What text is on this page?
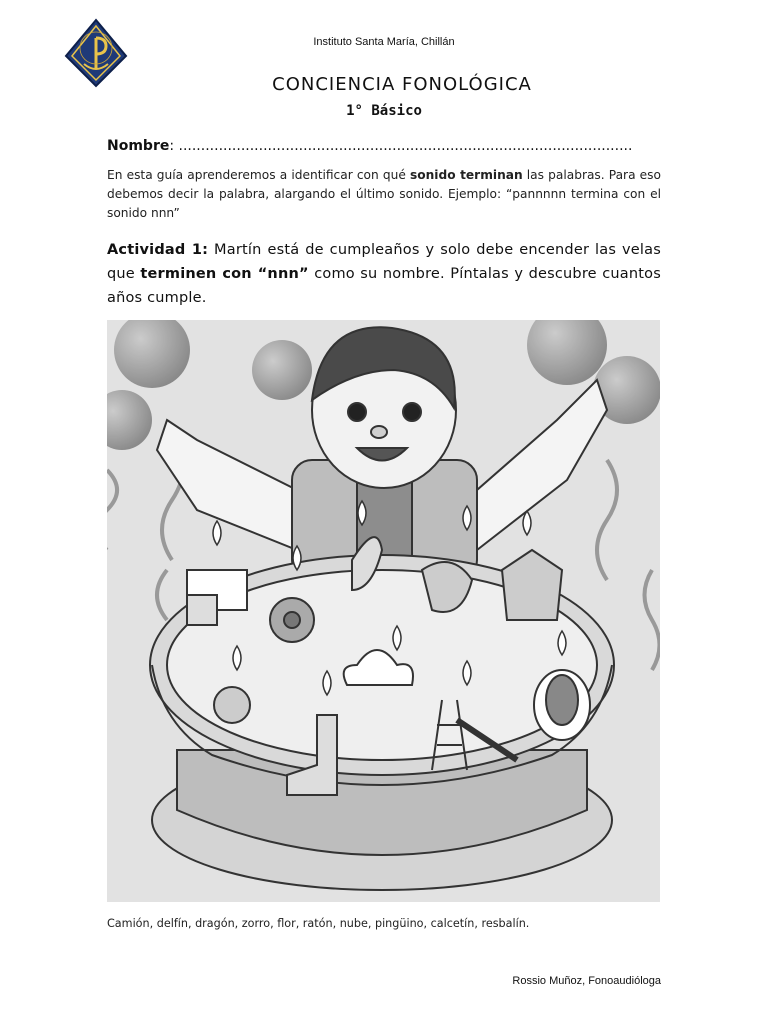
Instituto Santa María, Chillán
CONCIENCIA FONOLÓGICA
1° Básico
Nombre: ......................................................................................................
En esta guía aprenderemos a identificar con qué sonido terminan las palabras. Para eso debemos decir la palabra, alargando el último sonido. Ejemplo: “pannnnn termina con el sonido nnn”
Actividad 1: Martín está de cumpleaños y solo debe encender las velas que terminen con “nnn” como su nombre. Píntalas y descubre cuantos años cumple.
Camión, delfín, dragón, zorro, flor, ratón, nube, pingüino, calcetín, resbalín.
Rossio Muñoz, Fonoaudióloga
